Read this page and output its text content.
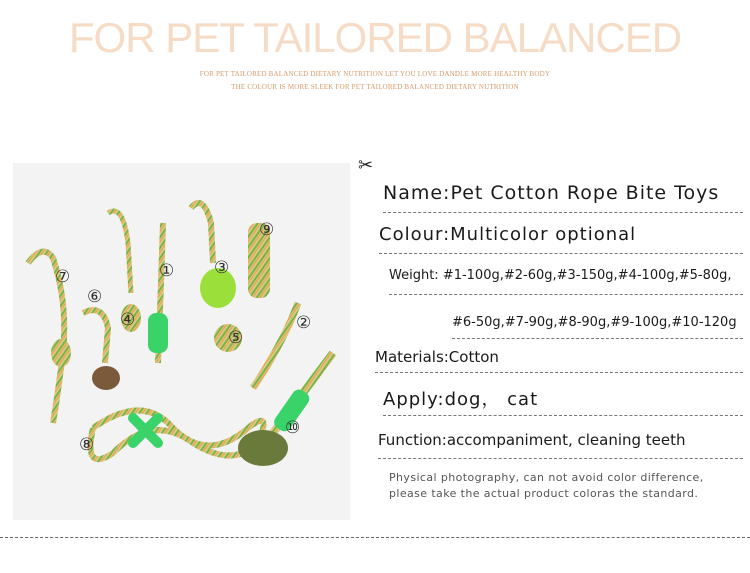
FOR PET TAILORED BALANCED
FOR PET TAILORED BALANCED DIETARY NUTRITION LET YOU LOVE DANDLE MORE HEALTHY BODY
THE COLOUR IS MORE SLEEK FOR PET TAILORED BALANCED DIETARY NUTRITION
①
②
③
④
⑤
⑥
⑦
⑧
⑨
⑩
✂
Name:Pet Cotton Rope Bite Toys
Colour:Multicolor optional
Weight: #1-100g,#2-60g,#3-150g,#4-100g,#5-80g,
#6-50g,#7-90g,#8-90g,#9-100g,#10-120g
Materials:Cotton
Apply:dog， cat
Function:accompaniment, cleaning teeth
Physical photography, can not avoid color difference,
please take the actual product coloras the standard.
